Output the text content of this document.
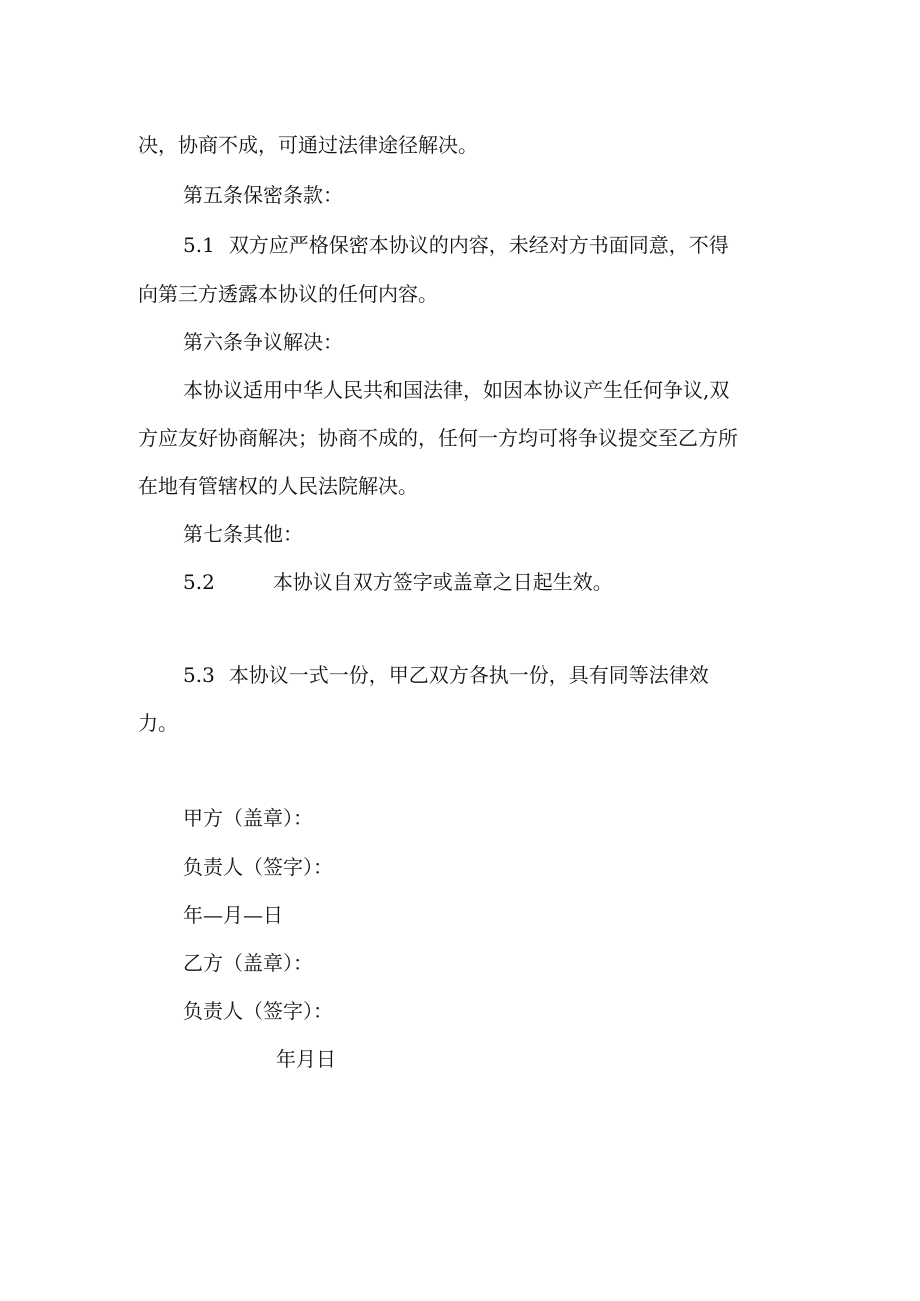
决，协商不成，可通过法律途径解决。
第五条保密条款：
5.1 双方应严格保密本协议的内容，未经对方书面同意，不得
向第三方透露本协议的任何内容。
第六条争议解决：
本协议适用中华人民共和国法律，如因本协议产生任何争议,双
方应友好协商解决；协商不成的，任何一方均可将争议提交至乙方所
在地有管辖权的人民法院解决。
第七条其他：
5.2	本协议自双方签字或盖章之日起生效。
5.3 本协议一式一份，甲乙双方各执一份，具有同等法律效
力。
甲方（盖章）：
负责人（签字）：
年—月—日
乙方（盖章）：
负责人（签字）：
年月日
